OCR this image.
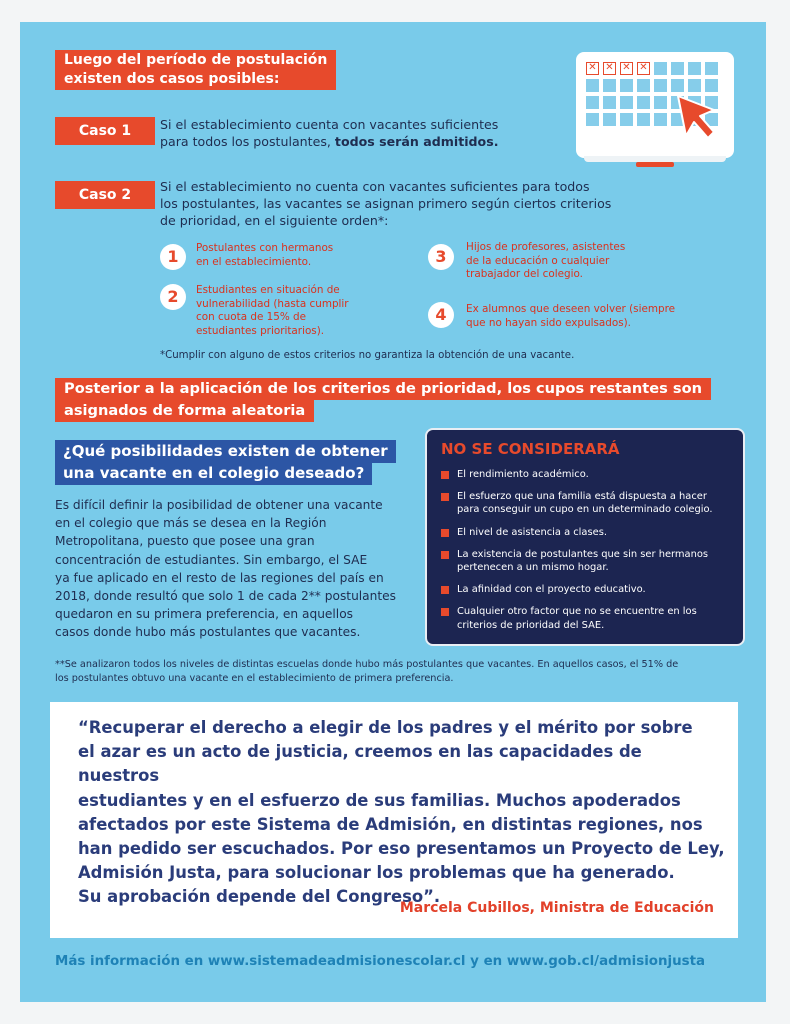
Luego del período de postulación
existen dos casos posibles:
✕ ✕ ✕ ✕
Caso 1	Si el establecimiento cuenta con vacantes suficientes
para todos los postulantes, todos serán admitidos.
Caso 2
Si el establecimiento no cuenta con vacantes suficientes para todos
los postulantes, las vacantes se asignan primero según ciertos criterios
de prioridad, en el siguiente orden*:
1	Postulantes con hermanos
en el establecimiento.
2	Estudiantes en situación de
vulnerabilidad (hasta cumplir
con cuota de 15% de
estudiantes prioritarios).
3	Hijos de profesores, asistentes
de la educación o cualquier
trabajador del colegio.
4	Ex alumnos que deseen volver (siempre
que no hayan sido expulsados).
*Cumplir con alguno de estos criterios no garantiza la obtención de una vacante.
Posterior a la aplicación de los criterios de prioridad, los cupos restantes son
asignados de forma aleatoria
¿Qué posibilidades existen de obtener
una vacante en el colegio deseado?
Es difícil definir la posibilidad de obtener una vacante
en el colegio que más se desea en la Región
Metropolitana, puesto que posee una gran
concentración de estudiantes. Sin embargo, el SAE
ya fue aplicado en el resto de las regiones del país en
2018, donde resultó que solo 1 de cada 2** postulantes
quedaron en su primera preferencia, en aquellos
casos donde hubo más postulantes que vacantes.
NO SE CONSIDERARÁ
El rendimiento académico.
El esfuerzo que una familia está dispuesta a hacer
para conseguir un cupo en un determinado colegio.
El nivel de asistencia a clases.
La existencia de postulantes que sin ser hermanos
pertenecen a un mismo hogar.
La afinidad con el proyecto educativo.
Cualquier otro factor que no se encuentre en los
criterios de prioridad del SAE.
**Se analizaron todos los niveles de distintas escuelas donde hubo más postulantes que vacantes. En aquellos casos, el 51% de
los postulantes obtuvo una vacante en el establecimiento de primera preferencia.
“Recuperar el derecho a elegir de los padres y el mérito por sobre
el azar es un acto de justicia, creemos en las capacidades de nuestros
estudiantes y en el esfuerzo de sus familias. Muchos apoderados
afectados por este Sistema de Admisión, en distintas regiones, nos
han pedido ser escuchados. Por eso presentamos un Proyecto de Ley,
Admisión Justa, para solucionar los problemas que ha generado.
Su aprobación depende del Congreso”.
Marcela Cubillos, Ministra de Educación
Más información en www.sistemadeadmisionescolar.cl y en www.gob.cl/admisionjusta
